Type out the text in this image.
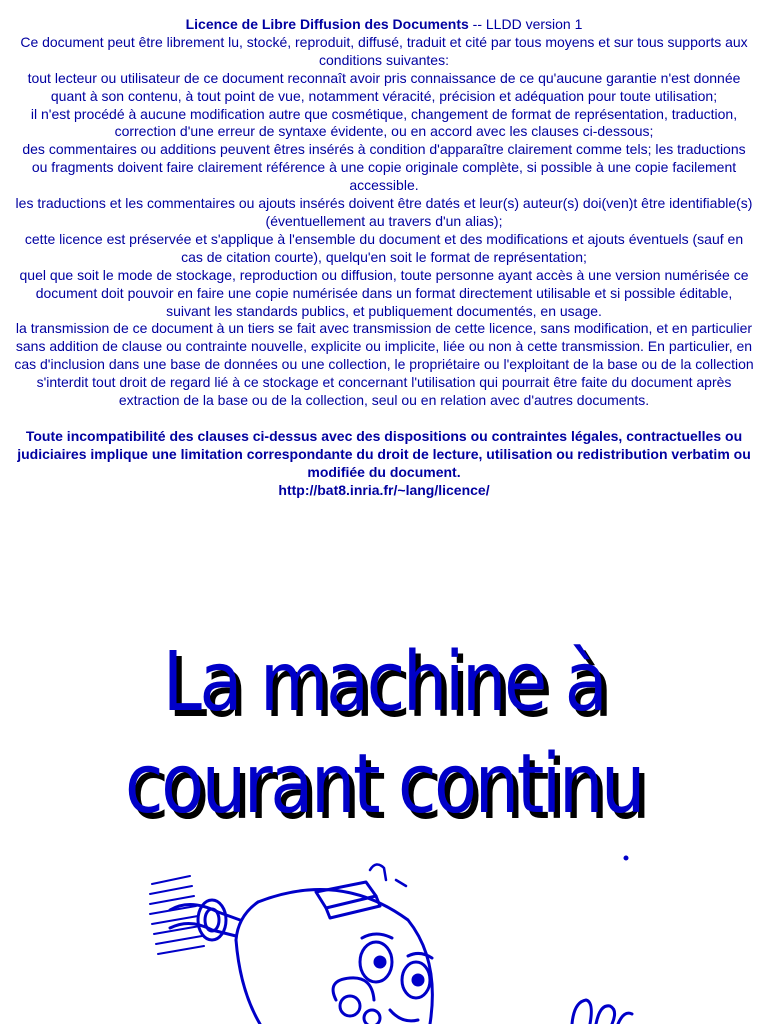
Licence de Libre Diffusion des Documents -- LLDD version 1

Ce document peut être librement lu, stocké, reproduit, diffusé, traduit et cité par tous moyens et sur tous supports aux conditions suivantes:

tout lecteur ou utilisateur de ce document reconnaît avoir pris connaissance de ce qu'aucune garantie n'est donnée quant à son contenu, à tout point de vue, notamment véracité, précision et adéquation pour toute utilisation;

il n'est procédé à aucune modification autre que cosmétique, changement de format de représentation, traduction, correction d'une erreur de syntaxe évidente, ou en accord avec les clauses ci-dessous;

des commentaires ou additions peuvent êtres insérés à condition d'apparaître clairement comme tels; les traductions ou fragments doivent faire clairement référence à une copie originale complète, si possible à une copie facilement accessible.

les traductions et les commentaires ou ajouts insérés doivent être datés et leur(s) auteur(s) doi(ven)t être identifiable(s) (éventuellement au travers d'un alias);

cette licence est préservée et s'applique à l'ensemble du document et des modifications et ajouts éventuels (sauf en cas de citation courte), quelqu'en soit le format de représentation;

quel que soit le mode de stockage, reproduction ou diffusion, toute personne ayant accès à une version numérisée ce document doit pouvoir en faire une copie numérisée dans un format directement utilisable et si possible éditable, suivant les standards publics, et publiquement documentés, en usage.

la transmission de ce document à un tiers se fait avec transmission de cette licence, sans modification, et en particulier sans addition de clause ou contrainte nouvelle, explicite ou implicite, liée ou non à cette transmission. En particulier, en cas d'inclusion dans une base de données ou une collection, le propriétaire ou l'exploitant de la base ou de la collection s'interdit tout droit de regard lié à ce stockage et concernant l'utilisation qui pourrait être faite du document après extraction de la base ou de la collection, seul ou en relation avec d'autres documents.

Toute incompatibilité des clauses ci-dessus avec des dispositions ou contraintes légales, contractuelles ou judiciaires implique une limitation correspondante du droit de lecture, utilisation ou redistribution verbatim ou modifiée du document.

http://bat8.inria.fr/~lang/licence/

La machine à
courant continu
